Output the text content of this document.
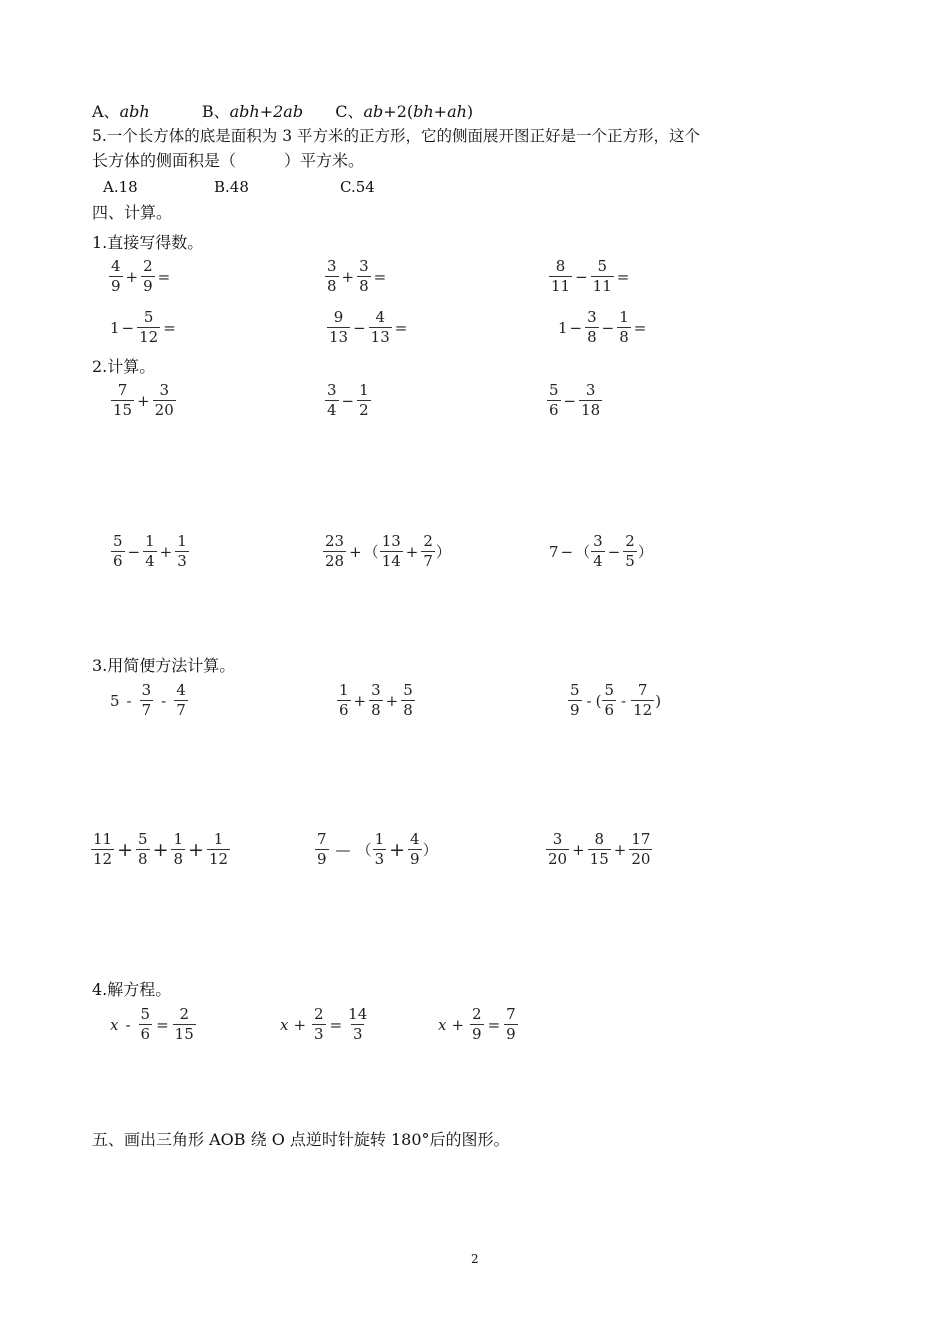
A、abh	B、abh+2ab C、ab+2(bh+ah)
5.一个长方体的底是面积为 3 平方米的正方形，它的侧面展开图正好是一个正方形，这个
长方体的侧面积是（　　　）平方米。
A.18	B.48	C.54
四、计算。
1.直接写得数。
$\frac{4}{9} + \frac{2}{9}$ =	$\frac{3}{8} + \frac{3}{8}$ =	$\frac{8}{11} - \frac{5}{11}$ =
$1 - \frac{5}{12}$ =	$\frac{9}{13} - \frac{4}{13}$ =	$1 - \frac{3}{8} - \frac{1}{8}$ =
2.计算。
$\frac{7}{15} + \frac{3}{20}$	$\frac{3}{4} - \frac{1}{2}$	$\frac{5}{6} - \frac{3}{18}$
$\frac{5}{6} - \frac{1}{4} + \frac{1}{3}$	$\frac{23}{28}$ + （ $\frac{13}{14} + \frac{2}{7}$ ）	7 − （ $\frac{3}{4} - \frac{2}{5}$ ）
3.用简便方法计算。
$5 - \frac{3}{7} - \frac{4}{7}$	$\frac{1}{6} + \frac{3}{8} + \frac{5}{8}$	$\frac{5}{9}$ - ( $\frac{5}{6} - \frac{7}{12}$ )
$\frac{11}{12} + \frac{5}{8} + \frac{1}{8} + \frac{1}{12}$	$\frac{7}{9}$ — （ $\frac{1}{3} + \frac{4}{9}$ ）	$\frac{3}{20} + \frac{8}{15} + \frac{17}{20}$
4.解方程。
$x - \frac{5}{6} = \frac{2}{15}$	$x + \frac{2}{3} = \frac{14}{3}$	$x + \frac{2}{9} = \frac{7}{9}$
五、画出三角形 AOB 绕 O 点逆时针旋转 180°后的图形。
2
